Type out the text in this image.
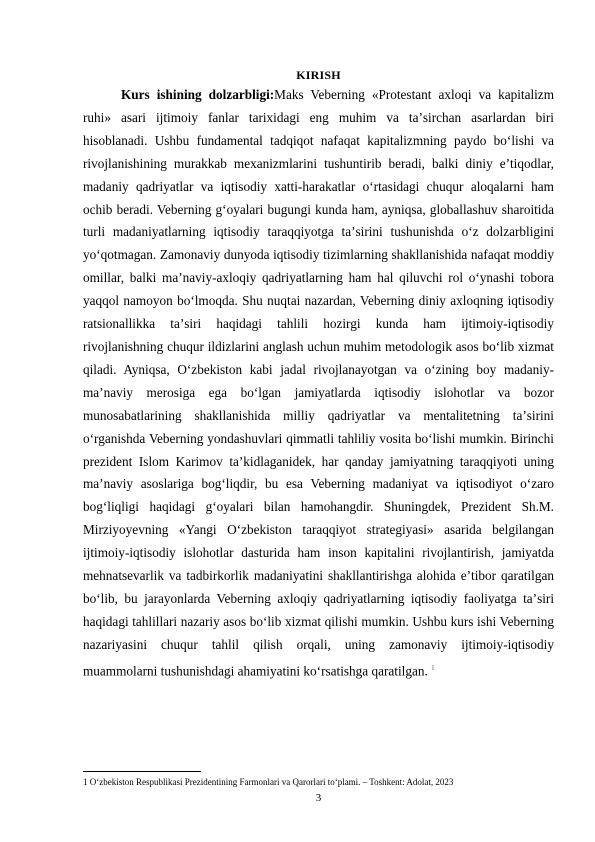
KIRISH
Kurs ishining dolzarbligi:Maks Veberning «Protestant axloqi va kapitalizm ruhi» asari ijtimoiy fanlar tarixidagi eng muhim va taʼsirchan asarlardan biri hisoblanadi. Ushbu fundamental tadqiqot nafaqat kapitalizmning paydo boʻlishi va rivojlanishining murakkab mexanizmlarini tushuntirib beradi, balki diniy eʼtiqodlar, madaniy qadriyatlar va iqtisodiy xatti-harakatlar oʻrtasidagi chuqur aloqalarni ham ochib beradi. Veberning gʻoyalari bugungi kunda ham, ayniqsa, globallashuv sharoitida turli madaniyatlarning iqtisodiy taraqqiyotga taʼsirini tushunishda oʻz dolzarbligini yoʻqotmagan. Zamonaviy dunyoda iqtisodiy tizimlarning shakllanishida nafaqat moddiy omillar, balki maʼnaviy-axloqiy qadriyatlarning ham hal qiluvchi rol oʻynashi tobora yaqqol namoyon boʻlmoqda. Shu nuqtai nazardan, Veberning diniy axloqning iqtisodiy ratsionallikka taʼsiri haqidagi tahlili hozirgi kunda ham ijtimoiy-iqtisodiy rivojlanishning chuqur ildizlarini anglash uchun muhim metodologik asos boʻlib xizmat qiladi. Ayniqsa, Oʻzbekiston kabi jadal rivojlanayotgan va oʻzining boy madaniy-maʼnaviy merosiga ega boʻlgan jamiyatlarda iqtisodiy islohotlar va bozor munosabatlarining shakllanishida milliy qadriyatlar va mentalitetning taʼsirini oʻrganishda Veberning yondashuvlari qimmatli tahliliy vosita boʻlishi mumkin. Birinchi prezident Islom Karimov taʼkidlaganidek, har qanday jamiyatning taraqqiyoti uning maʼnaviy asoslariga bogʻliqdir, bu esa Veberning madaniyat va iqtisodiyot oʻzaro bogʻliqligi haqidagi gʻoyalari bilan hamohangdir. Shuningdek, Prezident Sh.M. Mirziyoyevning «Yangi Oʻzbekiston taraqqiyot strategiyasi» asarida belgilangan ijtimoiy-iqtisodiy islohotlar dasturida ham inson kapitalini rivojlantirish, jamiyatda mehnatsevarlik va tadbirkorlik madaniyatini shakllantirishga alohida eʼtibor qaratilgan boʻlib, bu jarayonlarda Veberning axloqiy qadriyatlarning iqtisodiy faoliyatga taʼsiri haqidagi tahlillari nazariy asos boʻlib xizmat qilishi mumkin. Ushbu kurs ishi Veberning nazariyasini chuqur tahlil qilish orqali, uning zamonaviy ijtimoiy-iqtisodiy muammolarni tushunishdagi ahamiyatini koʻrsatishga qaratilgan. $^1$
1 Oʻzbekiston Respublikasi Prezidentining Farmonlari va Qarorlari toʻplami. – Toshkent: Adolat, 2023
3
